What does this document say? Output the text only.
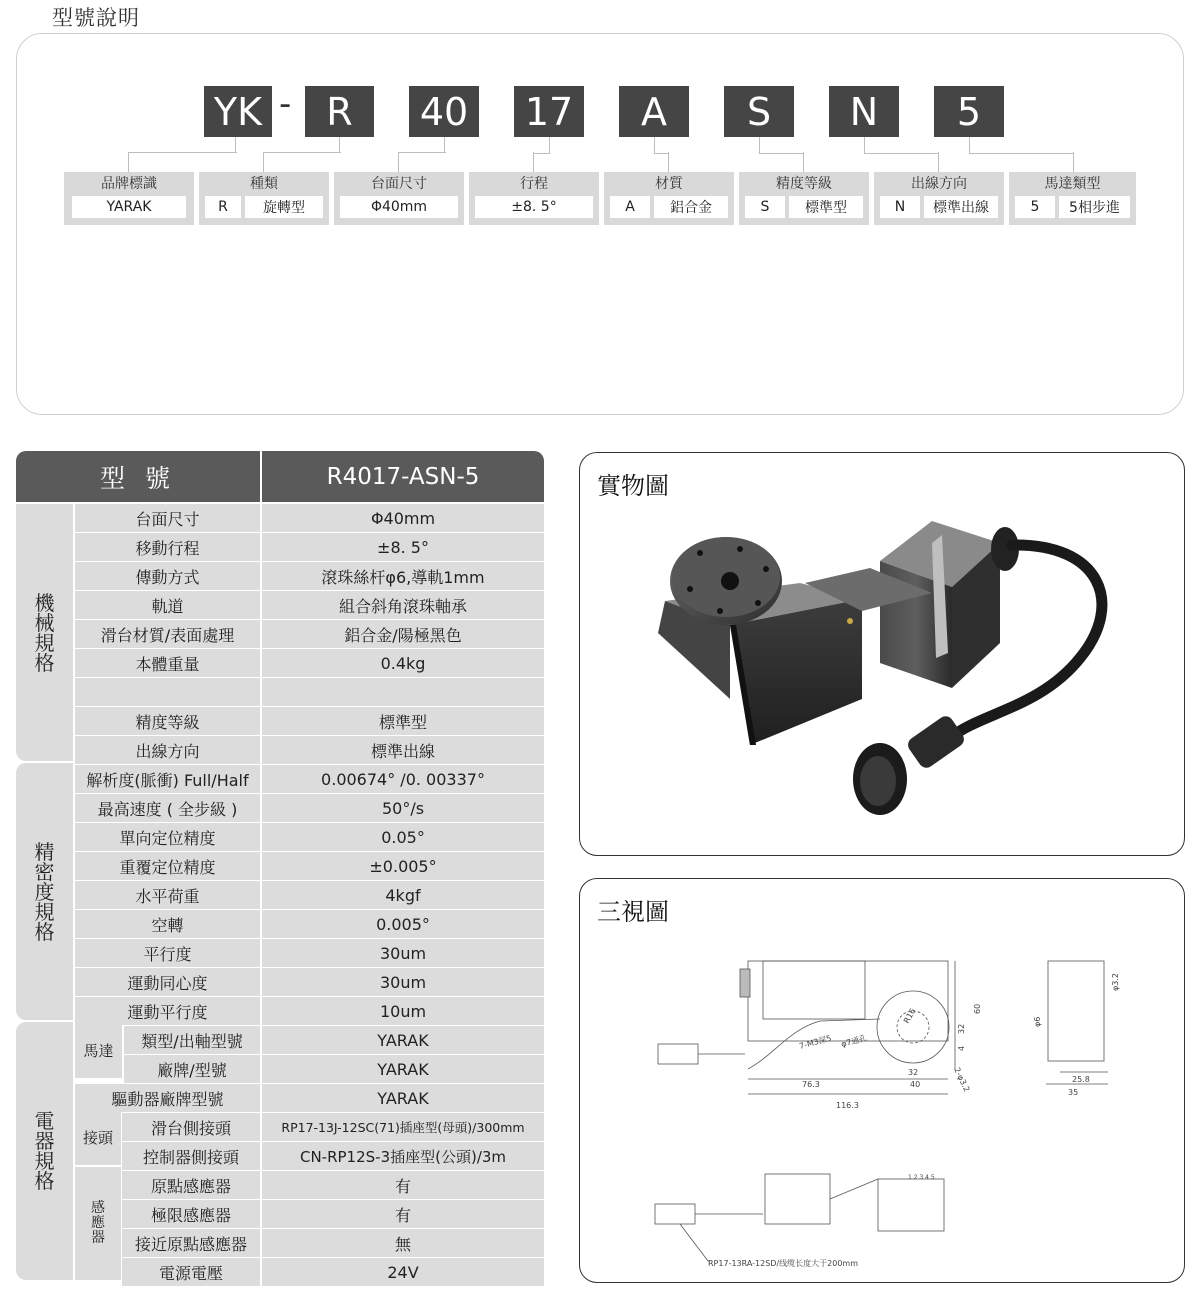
型號說明
YK - R	40 17	A	S	N	5
品牌標識
YARAK
種類
R	旋轉型
台面尺寸
Φ40mm
行程
±8. 5°
材質
A	鋁合金
精度等級
S	標準型
出線方向
N	標準出線
馬達類型
5	5相步進
型 號	R4017-ASN-5
機械規格
精密度規格
電器規格
馬達
接頭
感應器
台面尺寸	Φ40mm
移動行程	±8. 5°
傳動方式	滾珠絲杆φ6,導軌1mm
軌道	組合斜角滾珠軸承
滑台材質/表面處理	鋁合金/陽極黑色
本體重量	0.4kg
精度等級	標準型
出線方向	標準出線
解析度(脈衝) Full/Half	0.00674° /0. 00337°
最高速度 ( 全步級 )	50°/s
單向定位精度	0.05°
重覆定位精度	±0.005°
水平荷重	4kgf
空轉	0.005°
平行度	30um
運動同心度	30um
運動平行度	10um
類型/出軸型號	YARAK
廠牌/型號	YARAK
驅動器廠牌型號	YARAK
滑台側接頭	RP17-13J-12SC(71)插座型(母頭)/300mm
控制器側接頭	CN-RP12S-3插座型(公頭)/3m
原點感應器	有
極限感應器	有
接近原點感應器	無
電源電壓	24V
實物圖
三視圖
R16
7-M3深5 φ7通孔
76.3
116.3
32
40
4
32
60
2-φ3.2
φ6
φ3.2
25.8
35
1 2 3 4 5
RP17-13RA-12SD/线缆长度大于200mm
